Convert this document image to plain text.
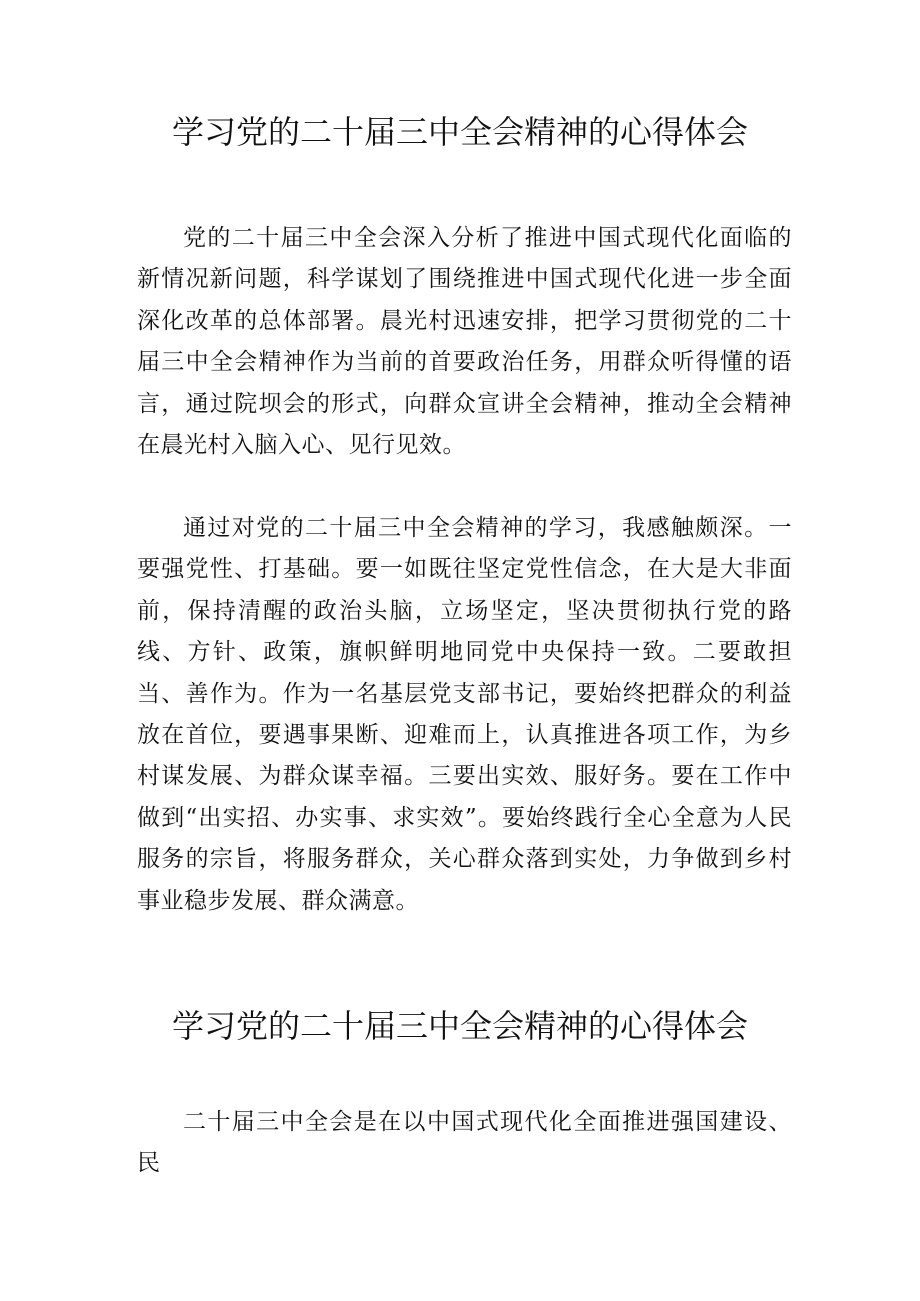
学习党的二十届三中全会精神的心得体会

党的二十届三中全会深入分析了推进中国式现代化面临的新情况新问题，科学谋划了围绕推进中国式现代化进一步全面深化改革的总体部署。晨光村迅速安排，把学习贯彻党的二十届三中全会精神作为当前的首要政治任务，用群众听得懂的语言，通过院坝会的形式，向群众宣讲全会精神，推动全会精神在晨光村入脑入心、见行见效。

通过对党的二十届三中全会精神的学习，我感触颇深。一要强党性、打基础。要一如既往坚定党性信念，在大是大非面前，保持清醒的政治头脑，立场坚定，坚决贯彻执行党的路线、方针、政策，旗帜鲜明地同党中央保持一致。二要敢担当、善作为。作为一名基层党支部书记，要始终把群众的利益放在首位，要遇事果断、迎难而上，认真推进各项工作，为乡村谋发展、为群众谋幸福。三要出实效、服好务。要在工作中做到“出实招、办实事、求实效”。要始终践行全心全意为人民服务的宗旨，将服务群众，关心群众落到实处，力争做到乡村事业稳步发展、群众满意。

学习党的二十届三中全会精神的心得体会

二十届三中全会是在以中国式现代化全面推进强国建设、民
